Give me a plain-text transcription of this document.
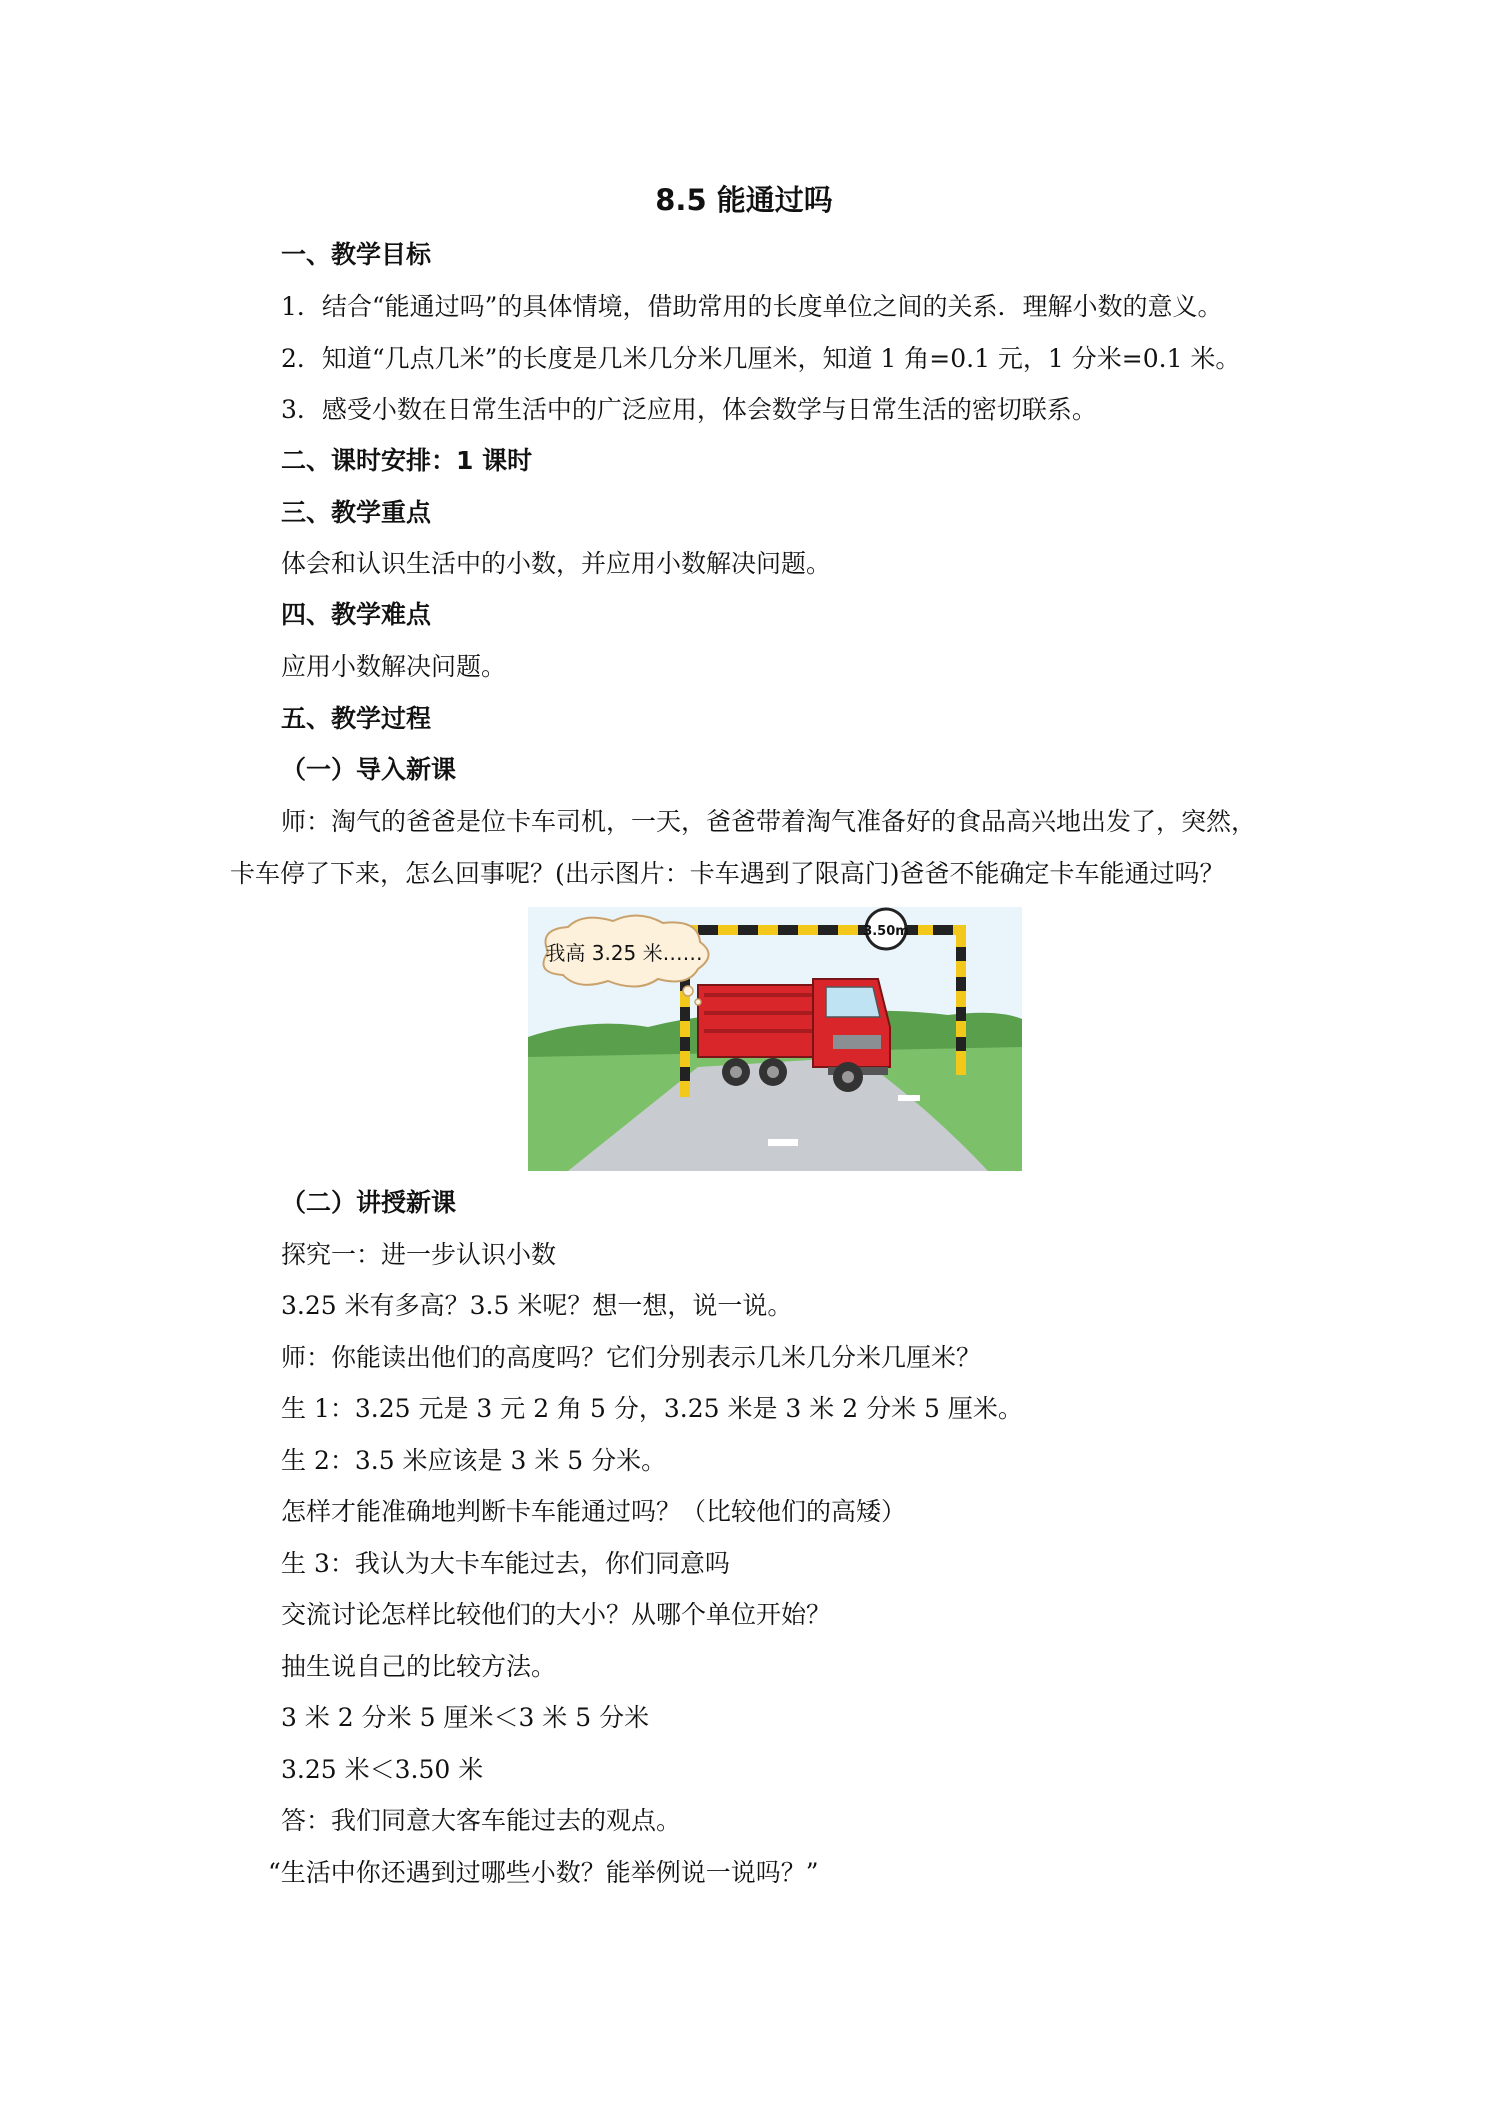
8.5 能通过吗
一、教学目标
1．结合“能通过吗”的具体情境，借助常用的长度单位之间的关系．理解小数的意义。
2．知道“几点几米”的长度是几米几分米几厘米，知道 1 角=0.1 元，1 分米=0.1 米。
3．感受小数在日常生活中的广泛应用，体会数学与日常生活的密切联系。
二、课时安排：1 课时
三、教学重点
体会和认识生活中的小数，并应用小数解决问题。
四、教学难点
应用小数解决问题。
五、教学过程
（一）导入新课
师：淘气的爸爸是位卡车司机，一天，爸爸带着淘气准备好的食品高兴地出发了，突然，
卡车停了下来，怎么回事呢？(出示图片：卡车遇到了限高门)爸爸不能确定卡车能通过吗？
3.50m
我高 3.25 米……
（二）讲授新课
探究一：进一步认识小数
3.25 米有多高？3.5 米呢？想一想，说一说。
师：你能读出他们的高度吗？它们分别表示几米几分米几厘米？
生 1：3.25 元是 3 元 2 角 5 分，3.25 米是 3 米 2 分米 5 厘米。
生 2：3.5 米应该是 3 米 5 分米。
怎样才能准确地判断卡车能通过吗？（比较他们的高矮）
生 3：我认为大卡车能过去，你们同意吗
交流讨论怎样比较他们的大小？从哪个单位开始？
抽生说自己的比较方法。
3 米 2 分米 5 厘米＜3 米 5 分米
3.25 米＜3.50 米
答：我们同意大客车能过去的观点。
“生活中你还遇到过哪些小数？能举例说一说吗？”
